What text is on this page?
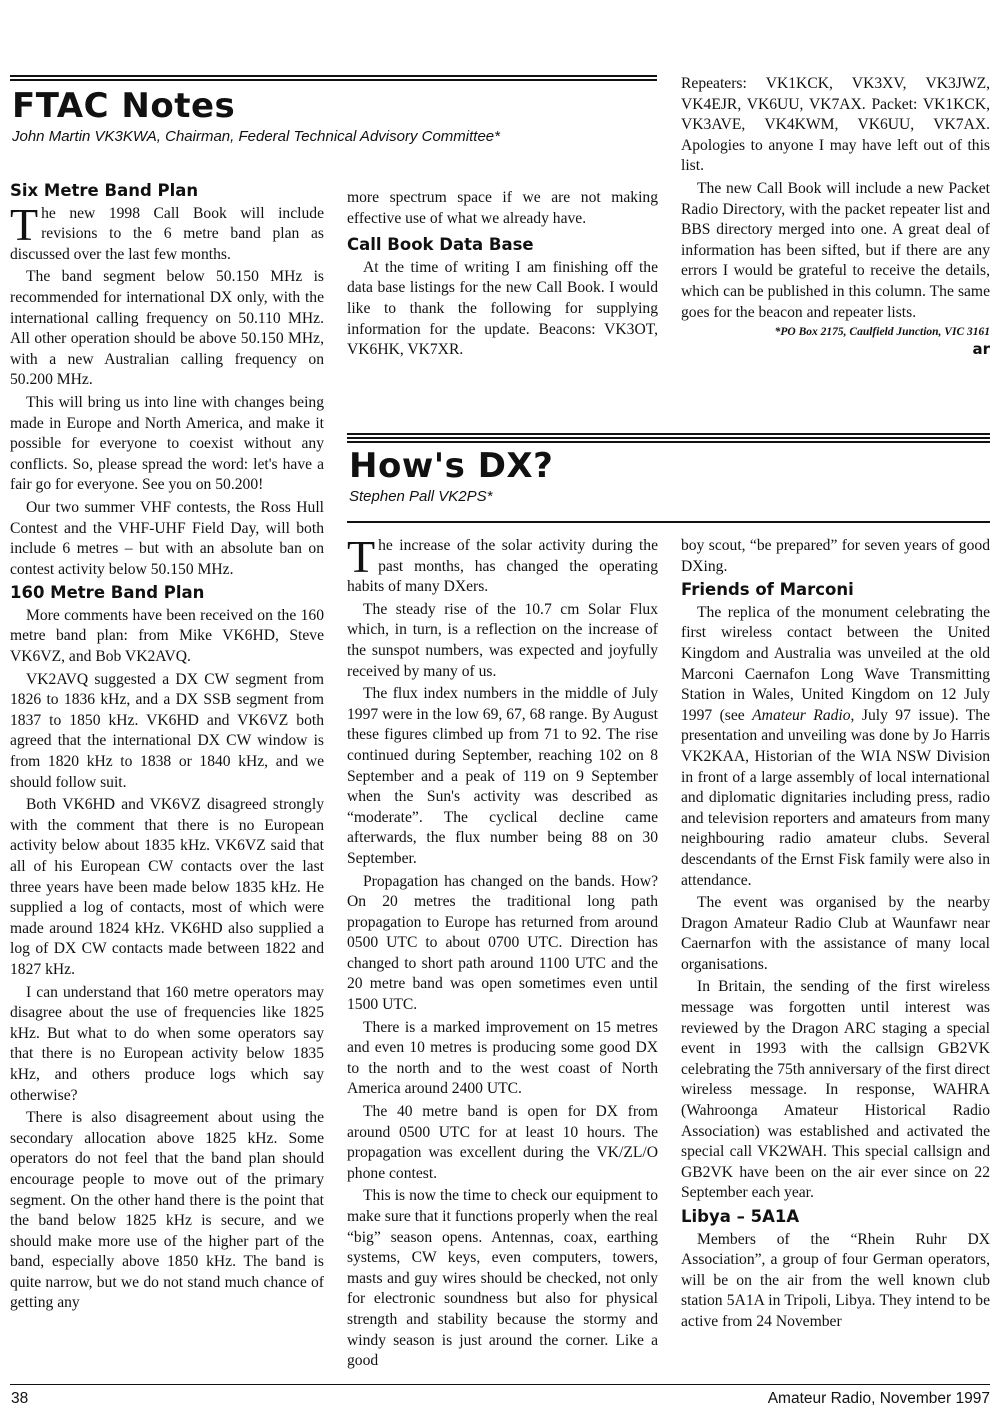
FTAC Notes
John Martin VK3KWA, Chairman, Federal Technical Advisory Committee*
Six Metre Band Plan

The new 1998 Call Book will include revisions to the 6 metre band plan as discussed over the last few months.

The band segment below 50.150 MHz is recommended for international DX only, with the international calling frequency on 50.110 MHz. All other operation should be above 50.150 MHz, with a new Australian calling frequency on 50.200 MHz.

This will bring us into line with changes being made in Europe and North America, and make it possible for everyone to coexist without any conflicts. So, please spread the word: let's have a fair go for everyone. See you on 50.200!

Our two summer VHF contests, the Ross Hull Contest and the VHF-UHF Field Day, will both include 6 metres – but with an absolute ban on contest activity below 50.150 MHz.

160 Metre Band Plan

More comments have been received on the 160 metre band plan: from Mike VK6HD, Steve VK6VZ, and Bob VK2AVQ.

VK2AVQ suggested a DX CW segment from 1826 to 1836 kHz, and a DX SSB segment from 1837 to 1850 kHz. VK6HD and VK6VZ both agreed that the international DX CW window is from 1820 kHz to 1838 or 1840 kHz, and we should follow suit.

Both VK6HD and VK6VZ disagreed strongly with the comment that there is no European activity below about 1835 kHz. VK6VZ said that all of his European CW contacts over the last three years have been made below 1835 kHz. He supplied a log of contacts, most of which were made around 1824 kHz. VK6HD also supplied a log of DX CW contacts made between 1822 and 1827 kHz.

I can understand that 160 metre operators may disagree about the use of frequencies like 1825 kHz. But what to do when some operators say that there is no European activity below 1835 kHz, and others produce logs which say otherwise?

There is also disagreement about using the secondary allocation above 1825 kHz. Some operators do not feel that the band plan should encourage people to move out of the primary segment. On the other hand there is the point that the band below 1825 kHz is secure, and we should make more use of the higher part of the band, especially above 1850 kHz. The band is quite narrow, but we do not stand much chance of getting any

more spectrum space if we are not making effective use of what we already have.

Call Book Data Base

At the time of writing I am finishing off the data base listings for the new Call Book. I would like to thank the following for supplying information for the update. Beacons: VK3OT, VK6HK, VK7XR.

Repeaters: VK1KCK, VK3XV, VK3JWZ, VK4EJR, VK6UU, VK7AX. Packet: VK1KCK, VK3AVE, VK4KWM, VK6UU, VK7AX. Apologies to anyone I may have left out of this list.

The new Call Book will include a new Packet Radio Directory, with the packet repeater list and BBS directory merged into one. A great deal of information has been sifted, but if there are any errors I would be grateful to receive the details, which can be published in this column. The same goes for the beacon and repeater lists.

*PO Box 2175, Caulfield Junction, VIC 3161
ar
How's DX?
Stephen Pall VK2PS*

The increase of the solar activity during the past months, has changed the operating habits of many DXers.

The steady rise of the 10.7 cm Solar Flux which, in turn, is a reflection on the increase of the sunspot numbers, was expected and joyfully received by many of us.

The flux index numbers in the middle of July 1997 were in the low 69, 67, 68 range. By August these figures climbed up from 71 to 92. The rise continued during September, reaching 102 on 8 September and a peak of 119 on 9 September when the Sun's activity was described as “moderate”. The cyclical decline came afterwards, the flux number being 88 on 30 September.

Propagation has changed on the bands. How? On 20 metres the traditional long path propagation to Europe has returned from around 0500 UTC to about 0700 UTC. Direction has changed to short path around 1100 UTC and the 20 metre band was open sometimes even until 1500 UTC.

There is a marked improvement on 15 metres and even 10 metres is producing some good DX to the north and to the west coast of North America around 2400 UTC.

The 40 metre band is open for DX from around 0500 UTC for at least 10 hours. The propagation was excellent during the VK/ZL/O phone contest.

This is now the time to check our equipment to make sure that it functions properly when the real “big” season opens. Antennas, coax, earthing systems, CW keys, even computers, towers, masts and guy wires should be checked, not only for electronic soundness but also for physical strength and stability because the stormy and windy season is just around the corner. Like a good

boy scout, “be prepared” for seven years of good DXing.

Friends of Marconi

The replica of the monument celebrating the first wireless contact between the United Kingdom and Australia was unveiled at the old Marconi Caernafon Long Wave Transmitting Station in Wales, United Kingdom on 12 July 1997 (see Amateur Radio, July 97 issue). The presentation and unveiling was done by Jo Harris VK2KAA, Historian of the WIA NSW Division in front of a large assembly of local international and diplomatic dignitaries including press, radio and television reporters and amateurs from many neighbouring radio amateur clubs. Several descendants of the Ernst Fisk family were also in attendance.

The event was organised by the nearby Dragon Amateur Radio Club at Waunfawr near Caernarfon with the assistance of many local organisations.

In Britain, the sending of the first wireless message was forgotten until interest was reviewed by the Dragon ARC staging a special event in 1993 with the callsign GB2VK celebrating the 75th anniversary of the first direct wireless message. In response, WAHRA (Wahroonga Amateur Historical Radio Association) was established and activated the special call VK2WAH. This special callsign and GB2VK have been on the air ever since on 22 September each year.

Libya – 5A1A

Members of the “Rhein Ruhr DX Association”, a group of four German operators, will be on the air from the well known club station 5A1A in Tripoli, Libya. They intend to be active from 24 November

38	Amateur Radio, November 1997
